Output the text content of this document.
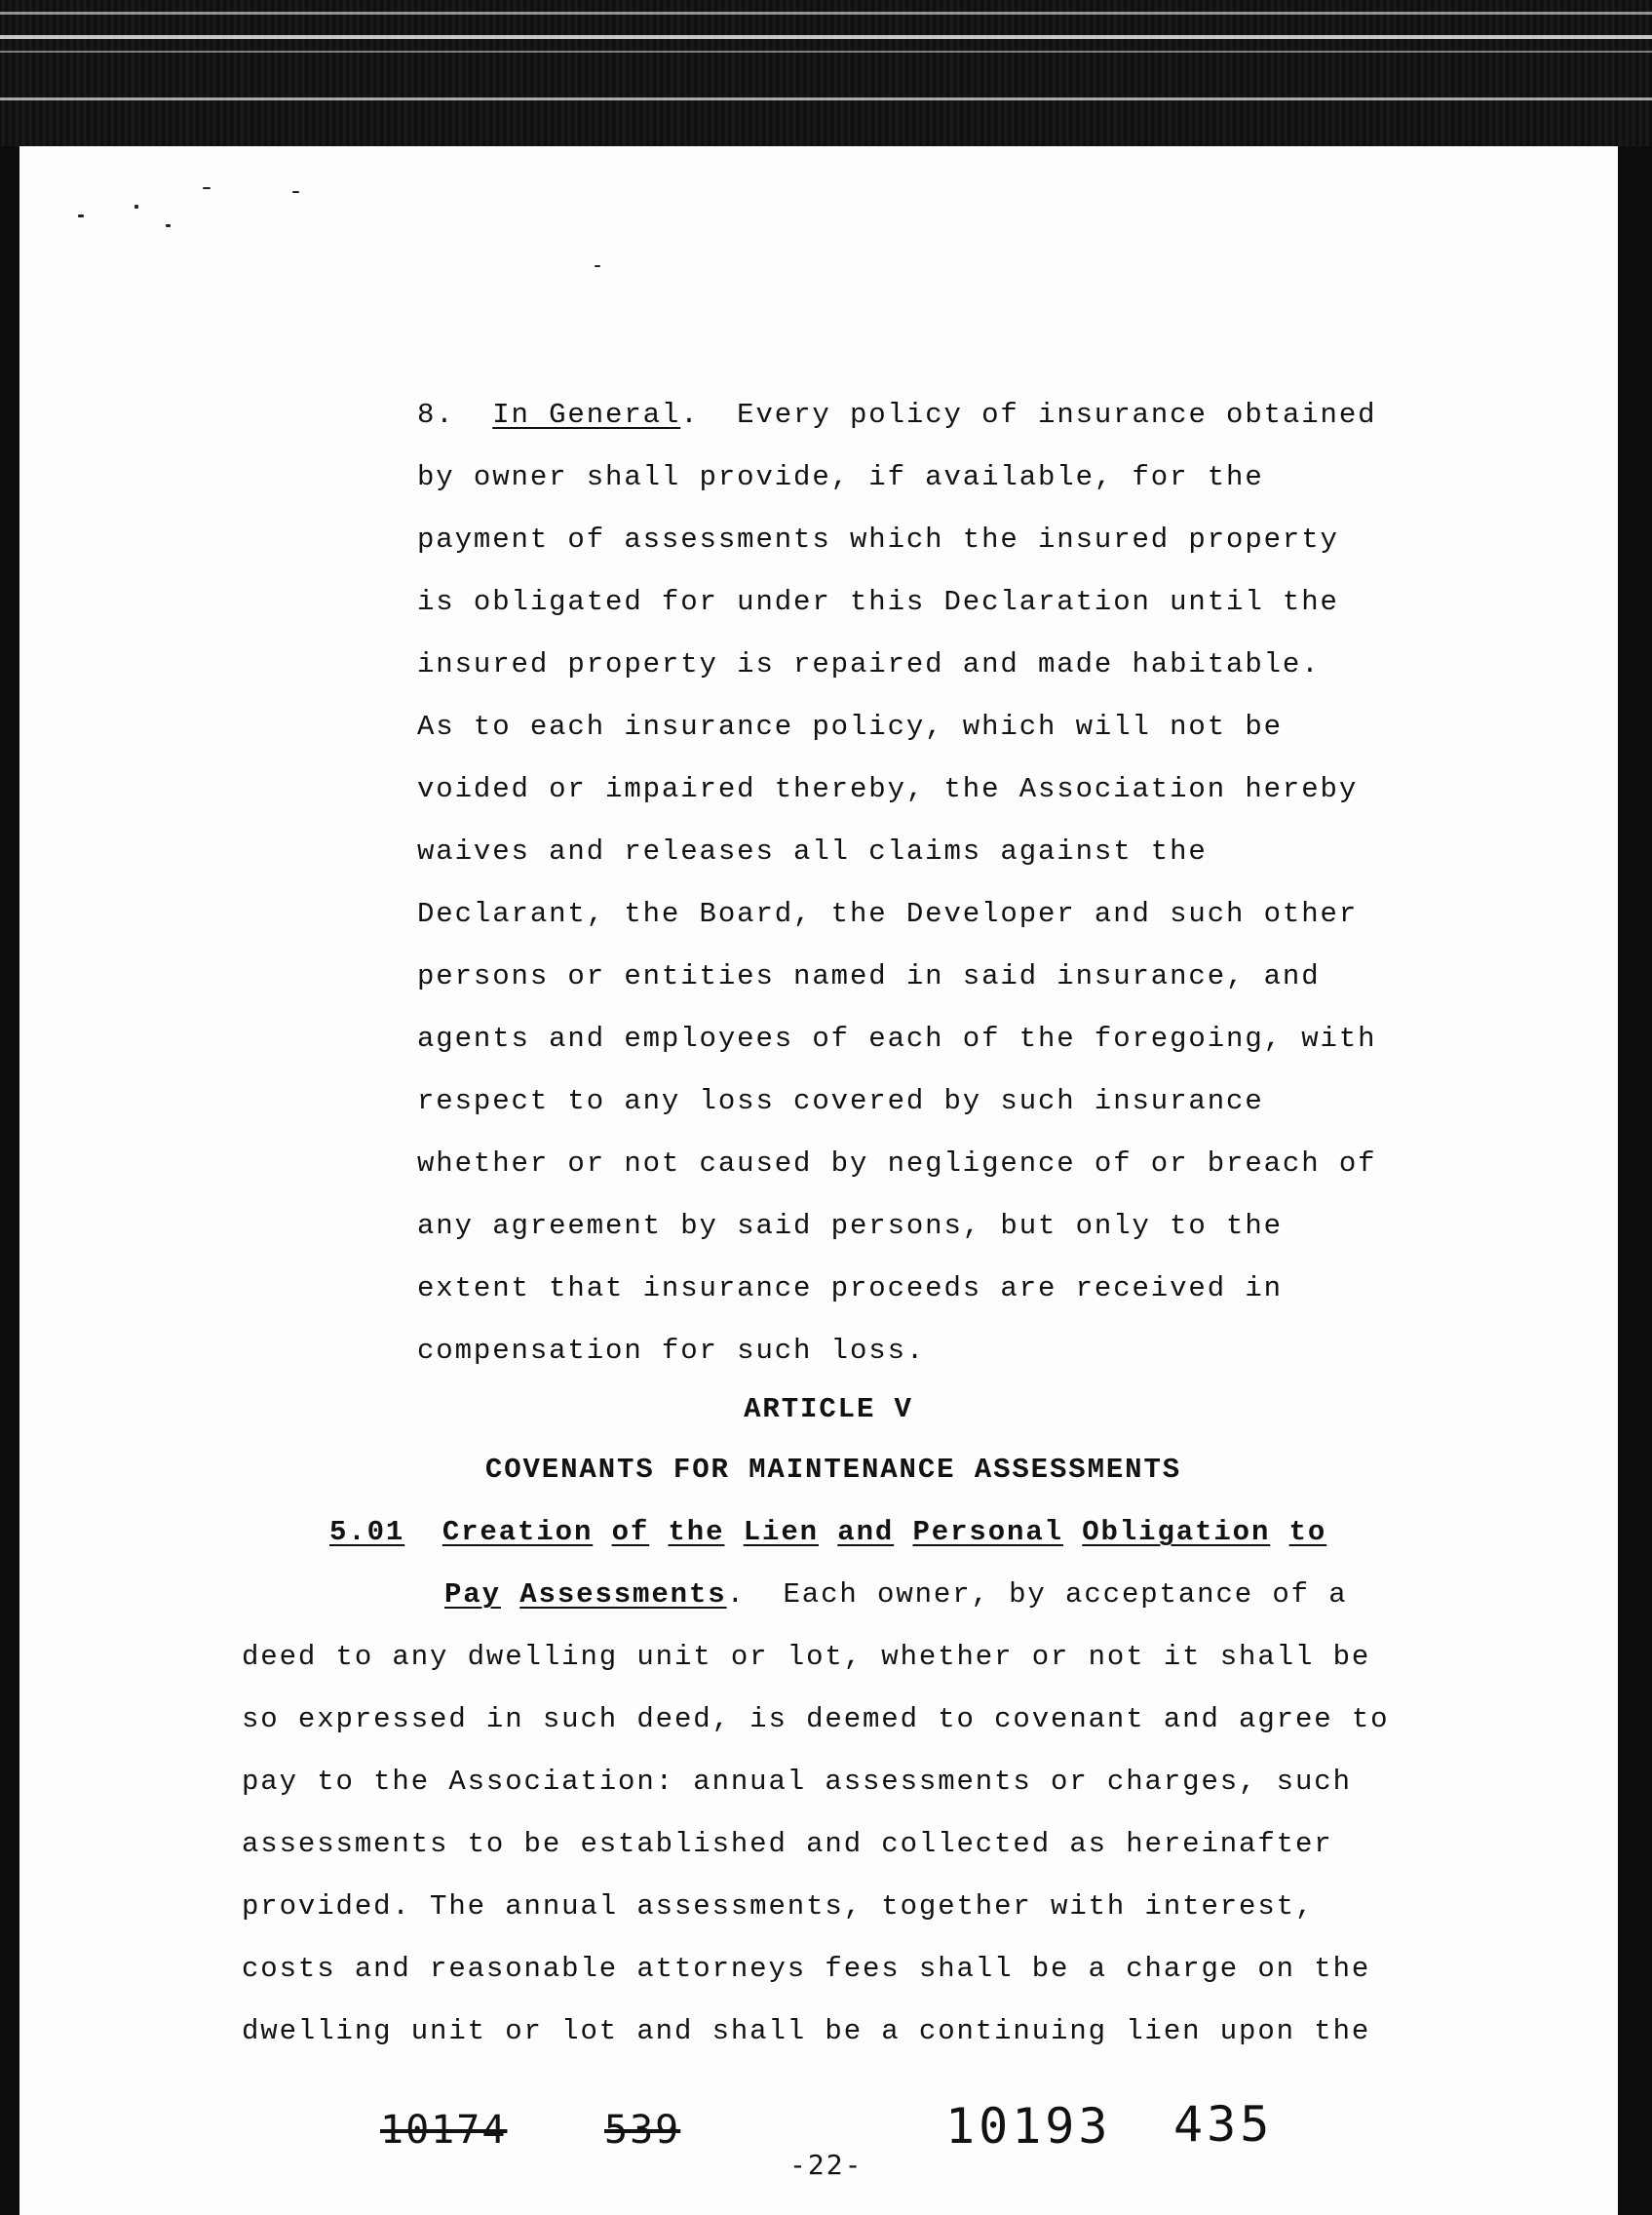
8. In General. Every policy of insurance obtained
by owner shall provide, if available, for the
payment of assessments which the insured property
is obligated for under this Declaration until the
insured property is repaired and made habitable.
As to each insurance policy, which will not be
voided or impaired thereby, the Association hereby
waives and releases all claims against the
Declarant, the Board, the Developer and such other
persons or entities named in said insurance, and
agents and employees of each of the foregoing, with
respect to any loss covered by such insurance
whether or not caused by negligence of or breach of
any agreement by said persons, but only to the
extent that insurance proceeds are received in
compensation for such loss.
ARTICLE V
COVENANTS FOR MAINTENANCE ASSESSMENTS
5.01 Creation of the Lien and Personal Obligation to
Pay Assessments. Each owner, by acceptance of a
deed to any dwelling unit or lot, whether or not it shall be
so expressed in such deed, is deemed to covenant and agree to
pay to the Association: annual assessments or charges, such
assessments to be established and collected as hereinafter
provided. The annual assessments, together with interest,
costs and reasonable attorneys fees shall be a charge on the
dwelling unit or lot and shall be a continuing lien upon the
10174 539
-22-
10193 435
